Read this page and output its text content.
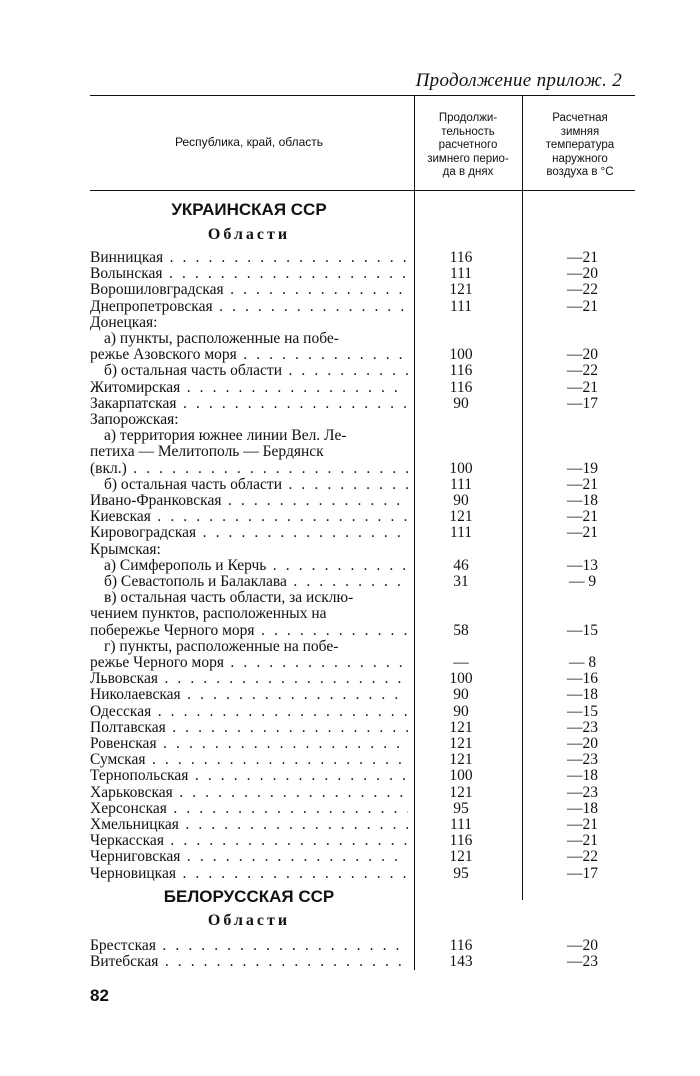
Продолжение прилож. 2
Республика, край, область
Продолжи-
тельность
расчетного
зимнего перио-
да в днях
Расчетная
зимняя
температура
наружного
воздуха в °С
УКРАИНСКАЯ ССР
Области
Винницкая . . .	116	—21
Волынская . . .	111	—20
Ворошиловградская . . .	121	—22
Днепропетровская . . .	111	—21
Донецкая:
а) пункты, расположенные на побе-
режье Азовского моря . . .	100	—20
б) остальная часть области . . .	116	—22
Житомирская . . .	116	—21
Закарпатская . . .	90	—17
Запорожская:
а) территория южнее линии Вел. Ле-
петиха — Мелитополь — Бердянск
(вкл.) . . .	100	—19
б) остальная часть области . . .	111	—21
Ивано-Франковская . . .	90	—18
Киевская . . .	121	—21
Кировоградская . . .	111	—21
Крымская:
а) Симферополь и Керчь . . .	46	—13
б) Севастополь и Балаклава . . .	31	— 9
в) остальная часть области, за исклю-
чением пунктов, расположенных на
побережье Черного моря . . .	58	—15
г) пункты, расположенные на побе-
режье Черного моря . . .	—	— 8
Львовская . . .	100	—16
Николаевская . . .	90	—18
Одесская . . .	90	—15
Полтавская . . .	121	—23
Ровенская . . .	121	—20
Сумская . . .	121	—23
Тернопольская . . .	100	—18
Харьковская . . .	121	—23
Херсонская . . .	95	—18
Хмельницкая . . .	111	—21
Черкасская . . .	116	—21
Черниговская . . .	121	—22
Черновицкая . . .	95	—17
БЕЛОРУССКАЯ ССР
Области
Брестская . . .	116	—20
Витебская . . .	143	—23
82
